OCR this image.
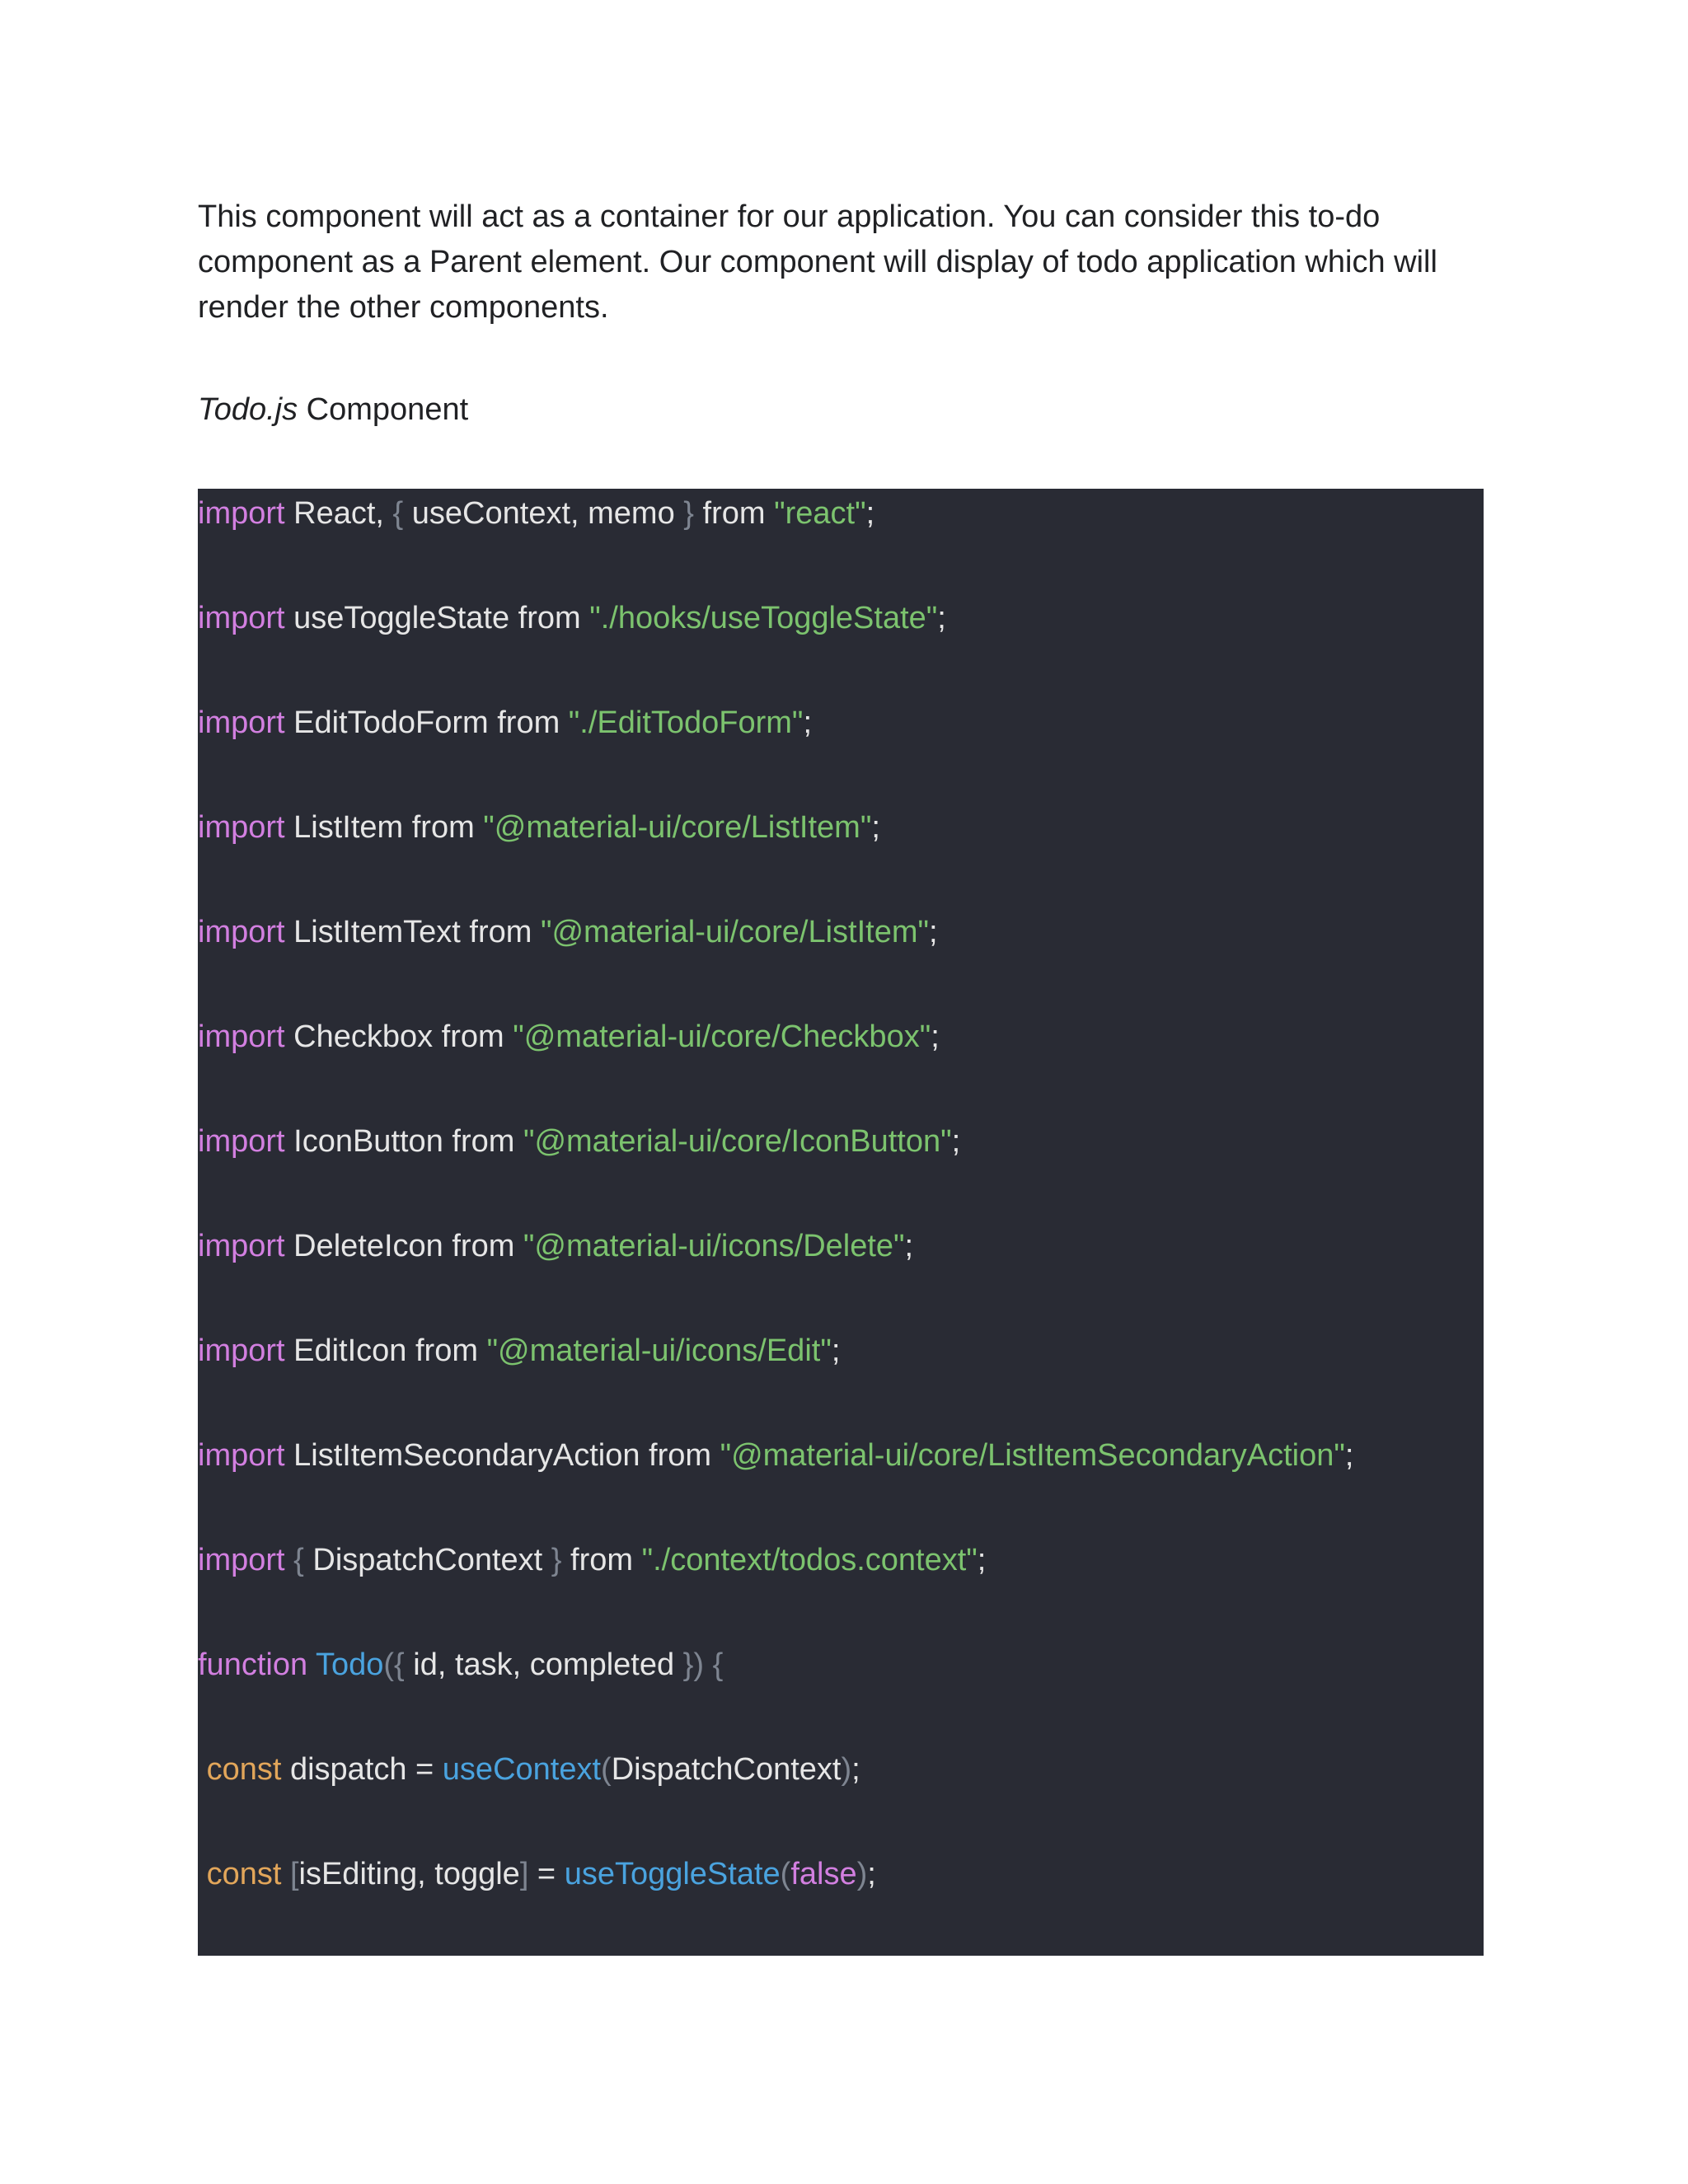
This component will act as a container for our application. You can consider this to-do component as a Parent element. Our component will display of todo application which will render the other components.

Todo.js Component

import React, { useContext, memo } from "react";
import useToggleState from "./hooks/useToggleState";
import EditTodoForm from "./EditTodoForm";
import ListItem from "@material-ui/core/ListItem";
import ListItemText from "@material-ui/core/ListItem";
import Checkbox from "@material-ui/core/Checkbox";
import IconButton from "@material-ui/core/IconButton";
import DeleteIcon from "@material-ui/icons/Delete";
import EditIcon from "@material-ui/icons/Edit";
import ListItemSecondaryAction from "@material-ui/core/ListItemSecondaryAction";
import { DispatchContext } from "./context/todos.context";
function Todo({ id, task, completed }) {
const dispatch = useContext(DispatchContext);
const [isEditing, toggle] = useToggleState(false);
